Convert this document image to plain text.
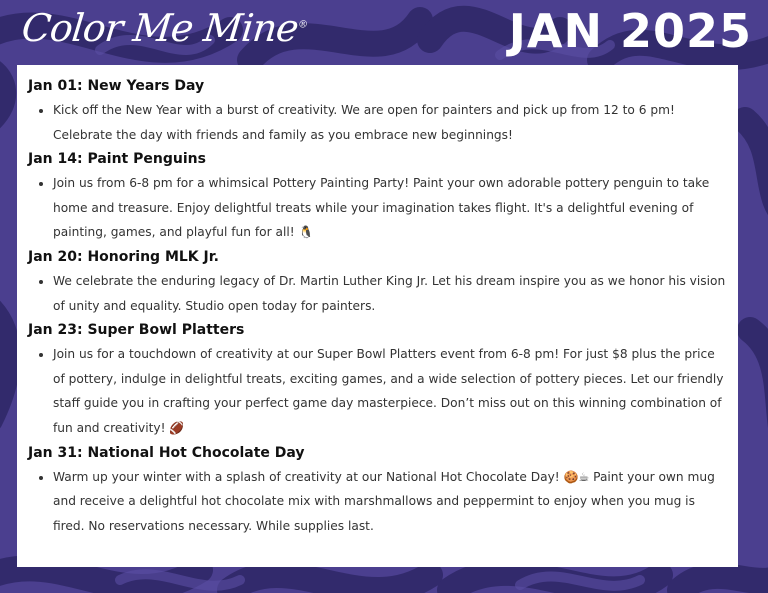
Color Me Mine®	JAN 2025
Jan 01: New Years Day
• Kick off the New Year with a burst of creativity. We are open for painters and pick up from 12 to 6 pm! Celebrate the day with friends and family as you embrace new beginnings!
Jan 14: Paint Penguins
• Join us from 6-8 pm for a whimsical Pottery Painting Party! Paint your own adorable pottery penguin to take home and treasure. Enjoy delightful treats while your imagination takes flight. It's a delightful evening of painting, games, and playful fun for all! 🐧
Jan 20: Honoring MLK Jr.
• We celebrate the enduring legacy of Dr. Martin Luther King Jr. Let his dream inspire you as we honor his vision of unity and equality. Studio open today for painters.
Jan 23: Super Bowl Platters
• Join us for a touchdown of creativity at our Super Bowl Platters event from 6-8 pm! For just $8 plus the price of pottery, indulge in delightful treats, exciting games, and a wide selection of pottery pieces. Let our friendly staff guide you in crafting your perfect game day masterpiece. Don’t miss out on this winning combination of fun and creativity! 🏈
Jan 31: National Hot Chocolate Day
• Warm up your winter with a splash of creativity at our National Hot Chocolate Day! 🍪☕ Paint your own mug and receive a delightful hot chocolate mix with marshmallows and peppermint to enjoy when you mug is fired. No reservations necessary. While supplies last.
